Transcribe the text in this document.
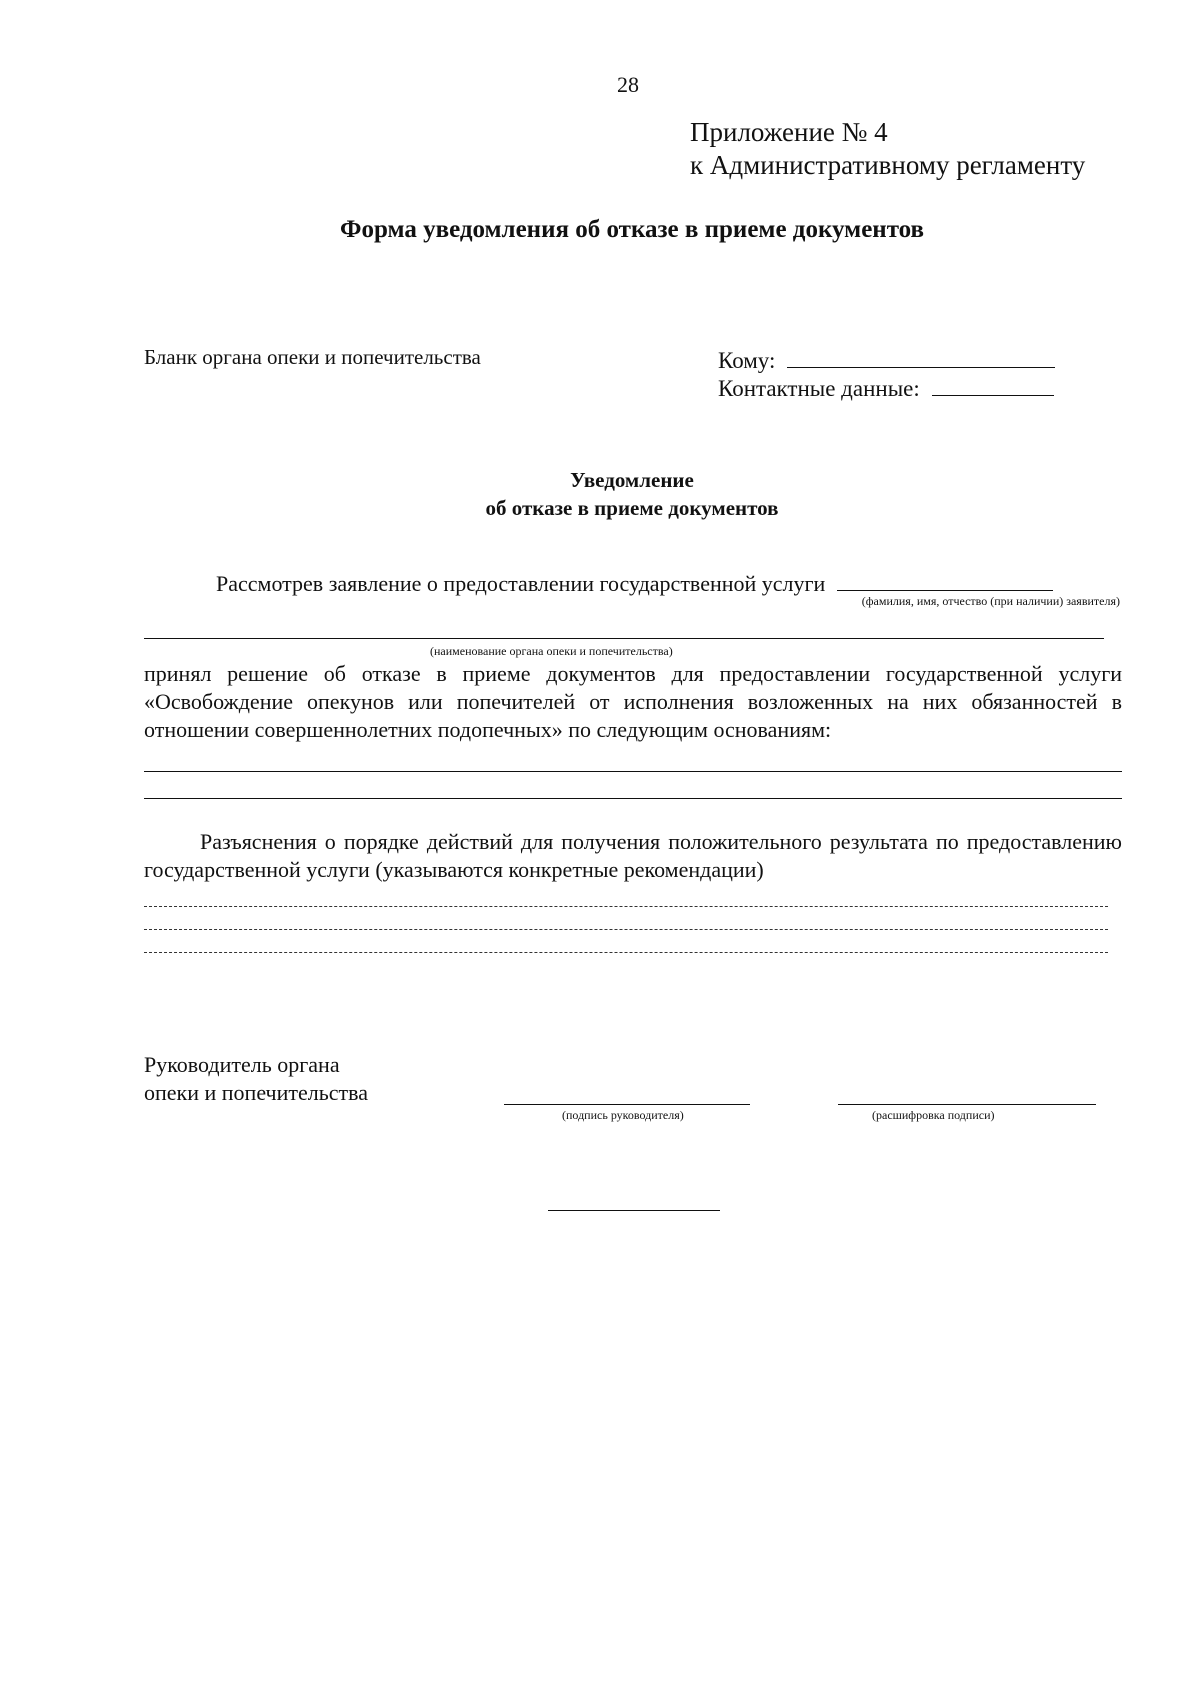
28
Приложение № 4
к Административному регламенту
Форма уведомления об отказе в приеме документов
Бланк органа опеки и попечительства	Кому:
Контактные данные:
Уведомление
об отказе в приеме документов
Рассмотрев заявление о предоставлении государственной услуги
(фамилия, имя, отчество (при наличии) заявителя)
(наименование органа опеки и попечительства)
принял решение об отказе в приеме документов для предоставлении государственной услуги «Освобождение опекунов или попечителей от исполнения возложенных на них обязанностей в отношении совершеннолетних подопечных» по следующим основаниям:
Разъяснения о порядке действий для получения положительного результата по предоставлению государственной услуги (указываются конкретные рекомендации)
Руководитель органа
опеки и попечительства
(подпись руководителя)	(расшифровка подписи)
